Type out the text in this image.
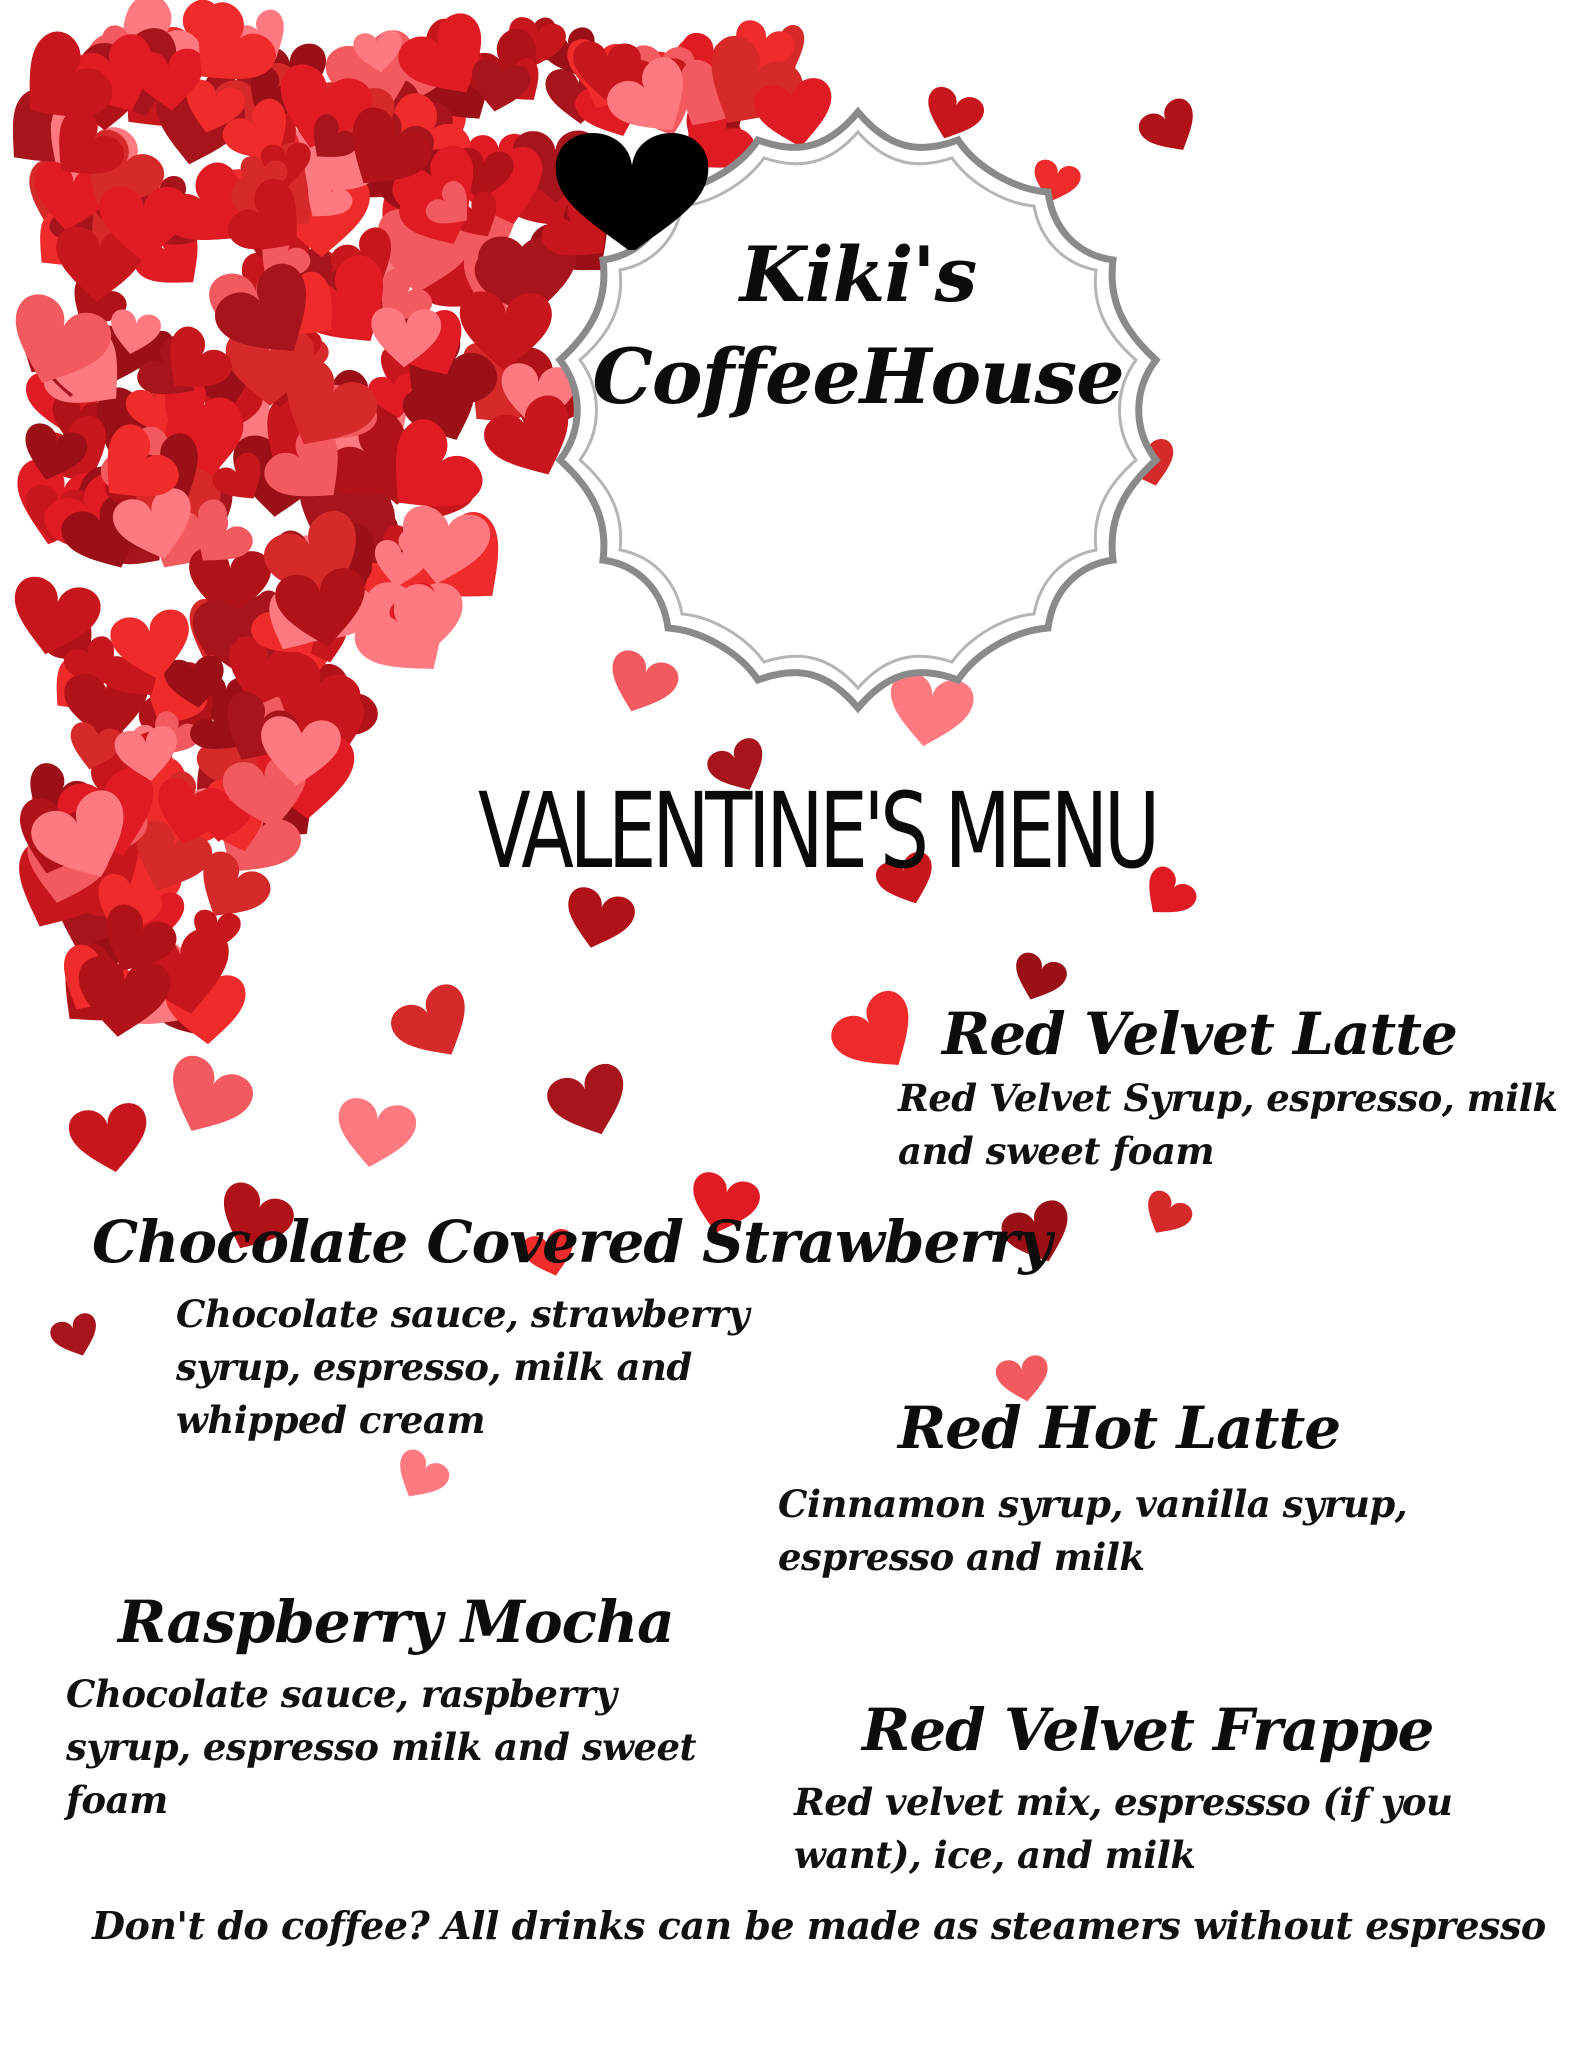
Kiki's
CoffeeHouse
VALENTINE'S MENU
Red Velvet Latte
Red Velvet Syrup, espresso, milk and sweet foam
Chocolate Covered Strawberry
Chocolate sauce, strawberry syrup, espresso, milk and whipped cream	Red Hot Latte
Cinnamon syrup, vanilla syrup, espresso and milk
Raspberry Mocha
Chocolate sauce, raspberry syrup, espresso milk and sweet foam
Red Velvet Frappe
Red velvet mix, espressso (if you want), ice, and milk
Don't do coffee? All drinks can be made as steamers without espresso
